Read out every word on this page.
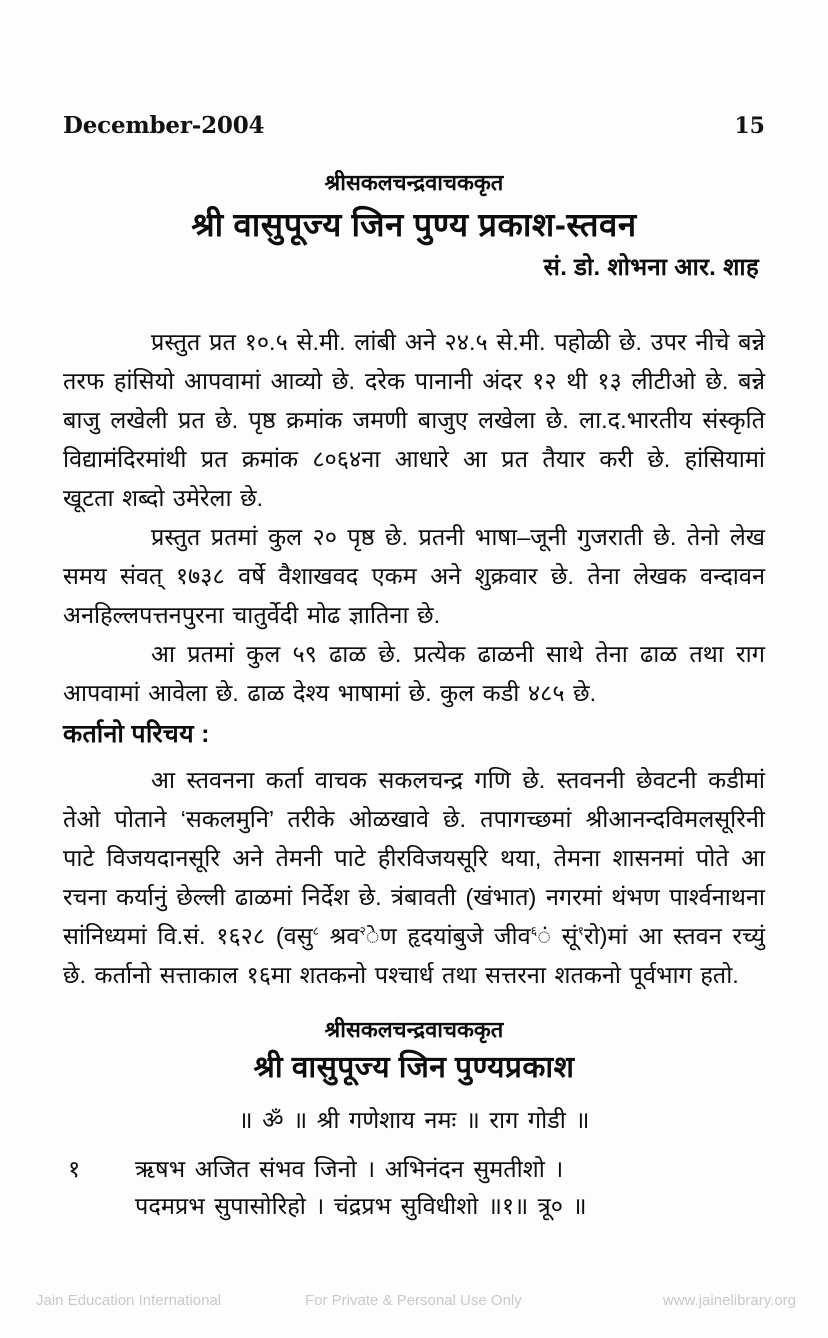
December-2004	15
श्रीसकलचन्द्रवाचककृत
श्री वासुपूज्य जिन पुण्य प्रकाश-स्तवन
सं. डो. शोभना आर. शाह

प्रस्तुत प्रत १०.५ से.मी. लांबी अने २४.५ से.मी. पहोळी छे. उपर नीचे बन्ने तरफ हांसियो आपवामां आव्यो छे. दरेक पानानी अंदर १२ थी १३ लीटीओ छे. बन्ने बाजु लखेली प्रत छे. पृष्ठ क्रमांक जमणी बाजुए लखेला छे. ला.द.भारतीय संस्कृति विद्यामंदिरमांथी प्रत क्रमांक ८०६४ना आधारे आ प्रत तैयार करी छे. हांसियामां खूटता शब्दो उमेरेला छे.

प्रस्तुत प्रतमां कुल २० पृष्ठ छे. प्रतनी भाषा–जूनी गुजराती छे. तेनो लेख समय संवत् १७३८ वर्षे वैशाखवद एकम अने शुक्रवार छे. तेना लेखक वन्दावन अनहिल्लपत्तनपुरना चातुर्वेदी मोढ ज्ञातिना छे.

आ प्रतमां कुल ५९ ढाळ छे. प्रत्येक ढाळनी साथे तेना ढाळ तथा राग आपवामां आवेला छे. ढाळ देश्य भाषामां छे. कुल कडी ४८५ छे.

कर्तानो परिचय :

आ स्तवनना कर्ता वाचक सकलचन्द्र गणि छे. स्तवननी छेवटनी कडीमां तेओ पोताने ‘सकलमुनि’ तरीके ओळखावे छे. तपागच्छमां श्रीआनन्दविमलसूरिनी पाटे विजयदानसूरि अने तेमनी पाटे हीरविजयसूरि थया, तेमना शासनमां पोते आ रचना कर्यानुं छेल्ली ढाळमां निर्देश छे. त्रंबावती (खंभात) नगरमां थंभण पार्श्वनाथना सांनिध्यमां वि.सं. १६२८ (वसु$^८$ श्रव$^२$ेण हृदयांबुजे जीव$^६$ं सूं$^१$रो)मां आ स्तवन रच्युं छे. कर्तानो सत्ताकाल १६मा शतकनो पश्चार्ध तथा सत्तरना शतकनो पूर्वभाग हतो.

श्रीसकलचन्द्रवाचककृत
श्री वासुपूज्य जिन पुण्यप्रकाश
॥ ॐ ॥ श्री गणेशाय नमः ॥ राग गोडी ॥
१	ऋषभ अजित संभव जिनो । अभिनंदन सुमतीशो ।
पदमप्रभ सुपासोरिहो । चंद्रप्रभ सुविधीशो ॥१॥ त्रू० ॥
Jain Education International	For Private & Personal Use Only	www.jainelibrary.org
